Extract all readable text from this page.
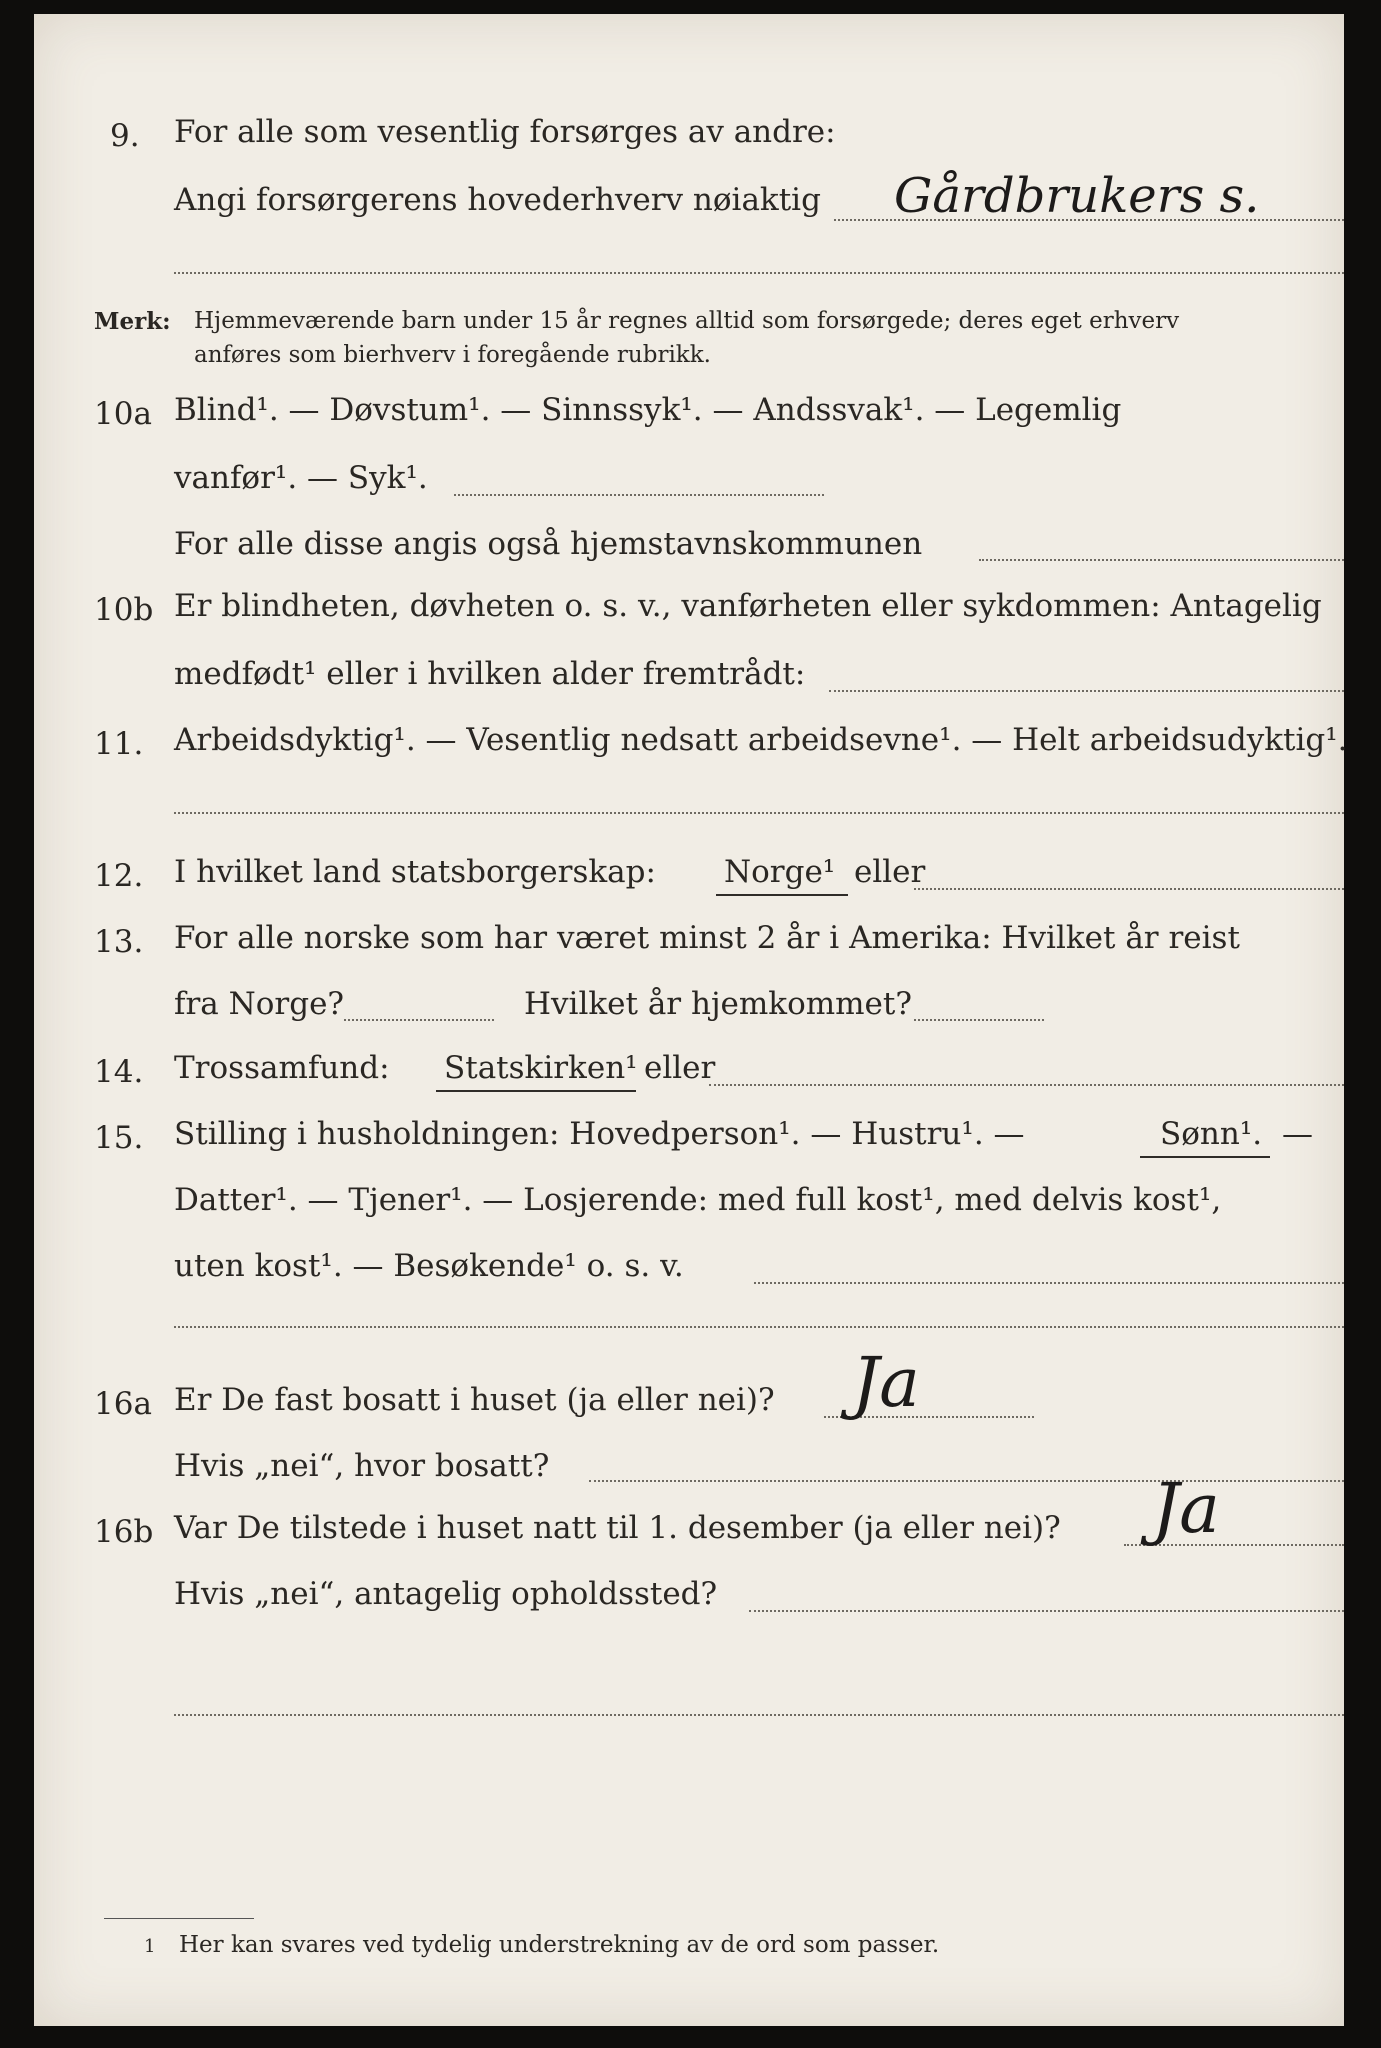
9. For alle som vesentlig forsørges av andre:
Angi forsørgerens hovederhverv nøiaktig Gårdbrukers s.
Merk: Hjemmeværende barn under 15 år regnes alltid som forsørgede; deres eget erhverv
anføres som bierhverv i foregående rubrikk.
10a Blind¹. — Døvstum¹. — Sinnssyk¹. — Andssvak¹. — Legemlig
vanfør¹. — Syk¹.
For alle disse angis også hjemstavnskommunen
10b Er blindheten, døvheten o. s. v., vanførheten eller sykdommen: Antagelig
medfødt¹ eller i hvilken alder fremtrådt:
11. Arbeidsdyktig¹. — Vesentlig nedsatt arbeidsevne¹. — Helt arbeidsudyktig¹.
12. I hvilket land statsborgerskap: Norge¹ eller
13. For alle norske som har været minst 2 år i Amerika: Hvilket år reist
fra Norge?	Hvilket år hjemkommet?
14. Trossamfund: Statskirken¹ eller
15. Stilling i husholdningen: Hovedperson¹. — Hustru¹. —	Sønn¹. —
Datter¹. — Tjener¹. — Losjerende: med full kost¹, med delvis kost¹,
uten kost¹. — Besøkende¹ o. s. v.
16a Er De fast bosatt i huset (ja eller nei)? Ja
Hvis „nei“, hvor bosatt?
16b Var De tilstede i huset natt til 1. desember (ja eller nei)? Ja
Hvis „nei“, antagelig opholdssted?
1 Her kan svares ved tydelig understrekning av de ord som passer.
